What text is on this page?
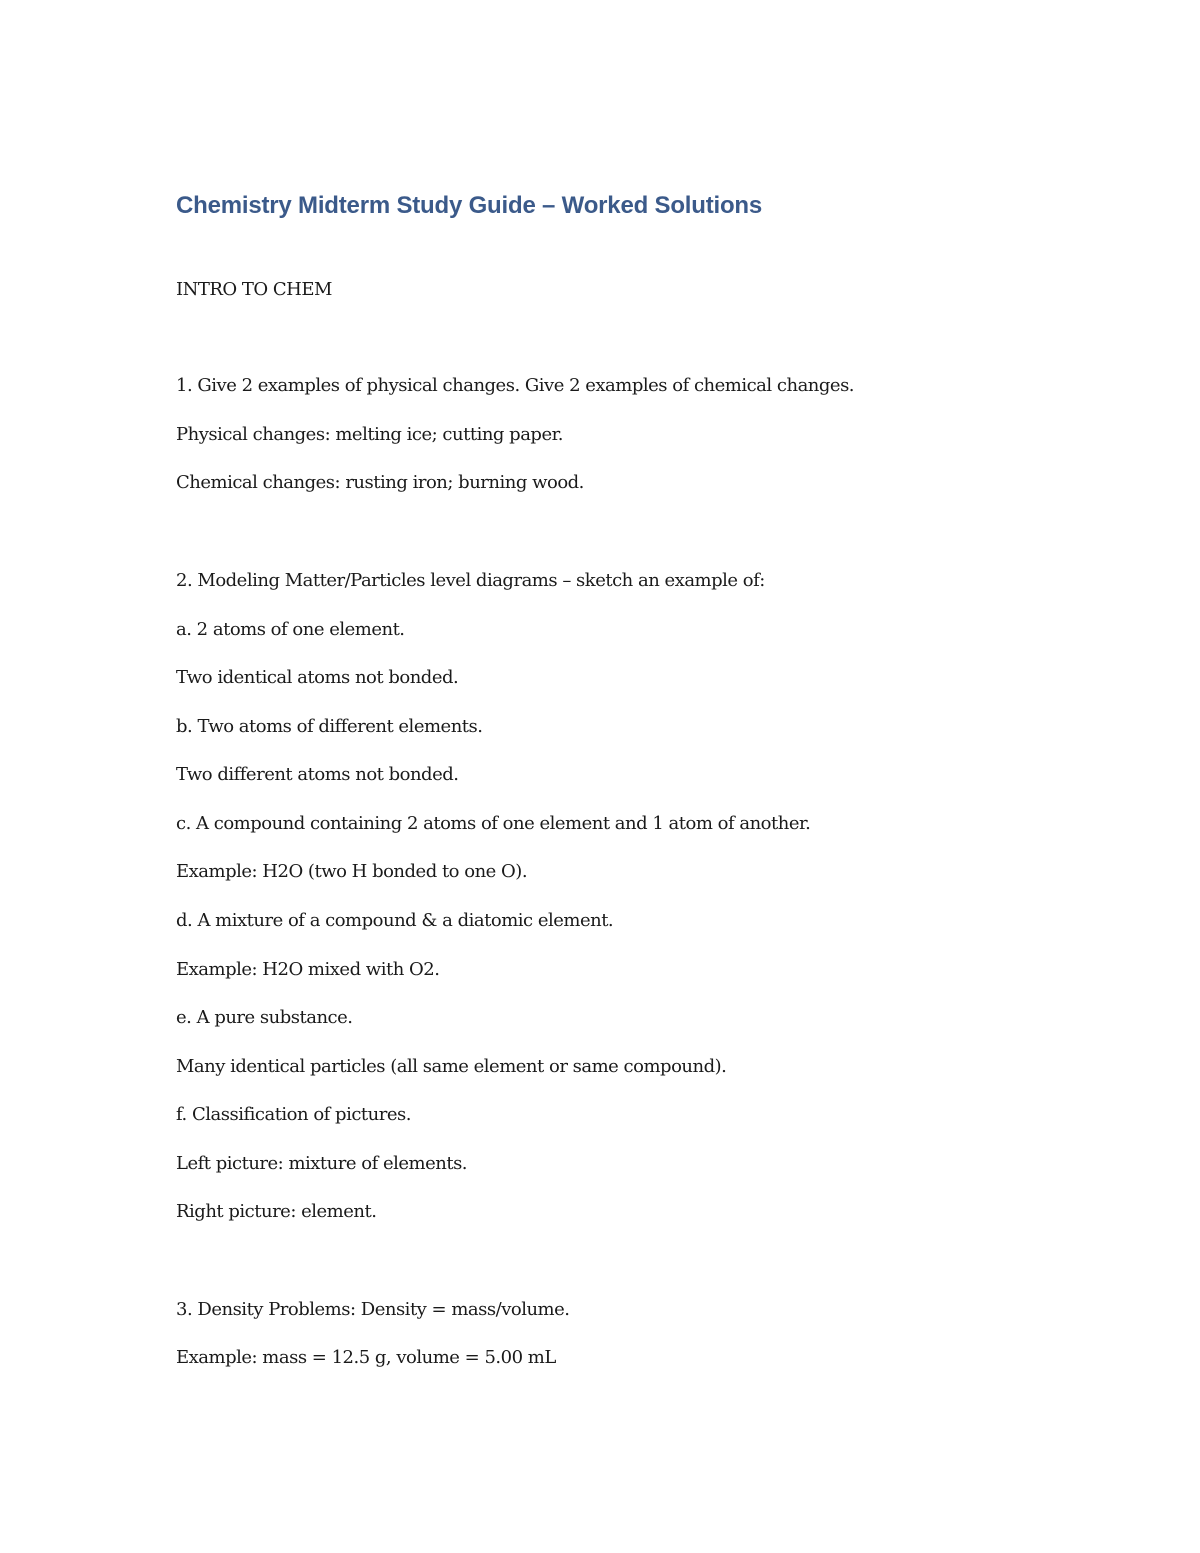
Chemistry Midterm Study Guide – Worked Solutions
INTRO TO CHEM
1. Give 2 examples of physical changes. Give 2 examples of chemical changes.
Physical changes: melting ice; cutting paper.
Chemical changes: rusting iron; burning wood.
2. Modeling Matter/Particles level diagrams – sketch an example of:
a. 2 atoms of one element.
Two identical atoms not bonded.
b. Two atoms of different elements.
Two different atoms not bonded.
c. A compound containing 2 atoms of one element and 1 atom of another.
Example: H2O (two H bonded to one O).
d. A mixture of a compound & a diatomic element.
Example: H2O mixed with O2.
e. A pure substance.
Many identical particles (all same element or same compound).
f. Classification of pictures.
Left picture: mixture of elements.
Right picture: element.
3. Density Problems: Density = mass/volume.
Example: mass = 12.5 g, volume = 5.00 mL
